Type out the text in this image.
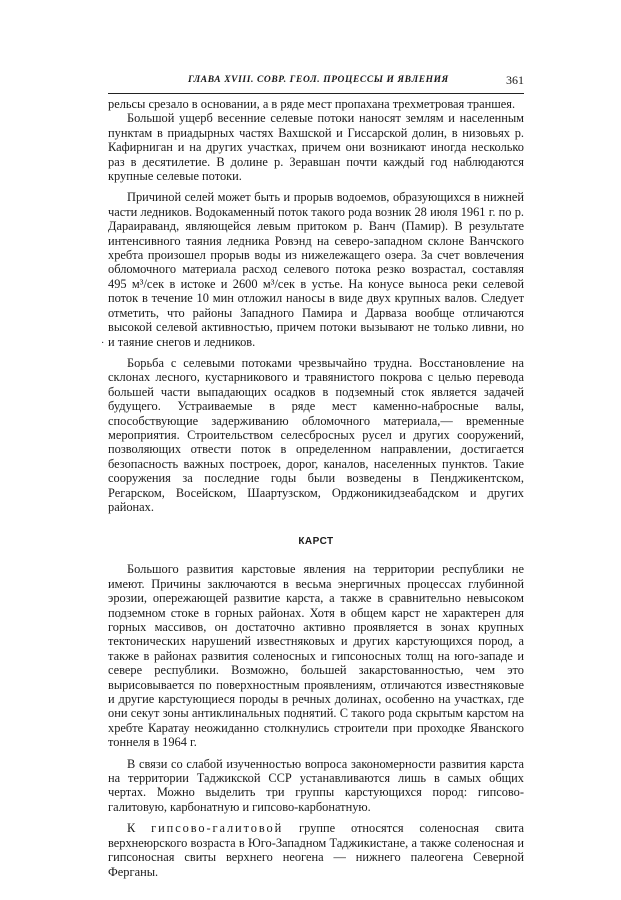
ГЛАВА XVIII. СОВР. ГЕОЛ. ПРОЦЕССЫ И ЯВЛЕНИЯ	361
·

рельсы срезало в основании, а в ряде мест пропахана трехметровая траншея.

Большой ущерб весенние селевые потоки наносят землям и населенным пунктам в приадырных частях Вахшской и Гиссарской долин, в низовьях р. Кафирниган и на других участках, причем они возникают иногда несколько раз в десятилетие. В долине р. Зеравшан почти каждый год наблюдаются крупные селевые потоки.

Причиной селей может быть и прорыв водоемов, образующихся в нижней части ледников. Водокаменный поток такого рода возник 28 июля 1961 г. по р. Дараираванд, являющейся левым притоком р. Ванч (Памир). В результате интенсивного таяния ледника Ровэнд на северо-западном склоне Ванчского хребта произошел прорыв воды из нижележащего озера. За счет вовлечения обломочного материала расход селевого потока резко возрастал, составляя 495 м³/сек в истоке и 2600 м³/сек в устье. На конусе выноса реки селевой поток в течение 10 мин отложил наносы в виде двух крупных валов. Следует отметить, что районы Западного Памира и Дарваза вообще отличаются высокой селевой активностью, причем потоки вызывают не только ливни, но и таяние снегов и ледников.

Борьба с селевыми потоками чрезвычайно трудна. Восстановление на склонах лесного, кустарникового и травянистого покрова с целью перевода большей части выпадающих осадков в подземный сток является задачей будущего. Устраиваемые в ряде мест каменно-набросные валы, способствующие задерживанию обломочного материала,— временные мероприятия. Строительством селесбросных русел и других сооружений, позволяющих отвести поток в определенном направлении, достигается безопасность важных построек, дорог, каналов, населенных пунктов. Такие сооружения за последние годы были возведены в Пенджикентском, Регарском, Восейском, Шаартузском, Орджоникидзеабадском и других районах.

КАРСТ

Большого развития карстовые явления на территории республики не имеют. Причины заключаются в весьма энергичных процессах глубинной эрозии, опережающей развитие карста, а также в сравнительно невысоком подземном стоке в горных районах. Хотя в общем карст не характерен для горных массивов, он достаточно активно проявляется в зонах крупных тектонических нарушений известняковых и других карстующихся пород, а также в районах развития соленосных и гипсоносных толщ на юго-западе и севере республики. Возможно, большей закарстованностью, чем это вырисовывается по поверхностным проявлениям, отличаются известняковые и другие карстующиеся породы в речных долинах, особенно на участках, где они секут зоны антиклинальных поднятий. С такого рода скрытым карстом на хребте Каратау неожиданно столкнулись строители при проходке Яванского тоннеля в 1964 г.

В связи со слабой изученностью вопроса закономерности развития карста на территории Таджикской ССР устанавливаются лишь в самых общих чертах. Можно выделить три группы карстующихся пород: гипсово-галитовую, карбонатную и гипсово-карбонатную.

К гипсово-галитовой группе относятся соленосная свита верхнеюрского возраста в Юго-Западном Таджикистане, а также соленосная и гипсоносная свиты верхнего неогена — нижнего палеогена Северной Ферганы.
